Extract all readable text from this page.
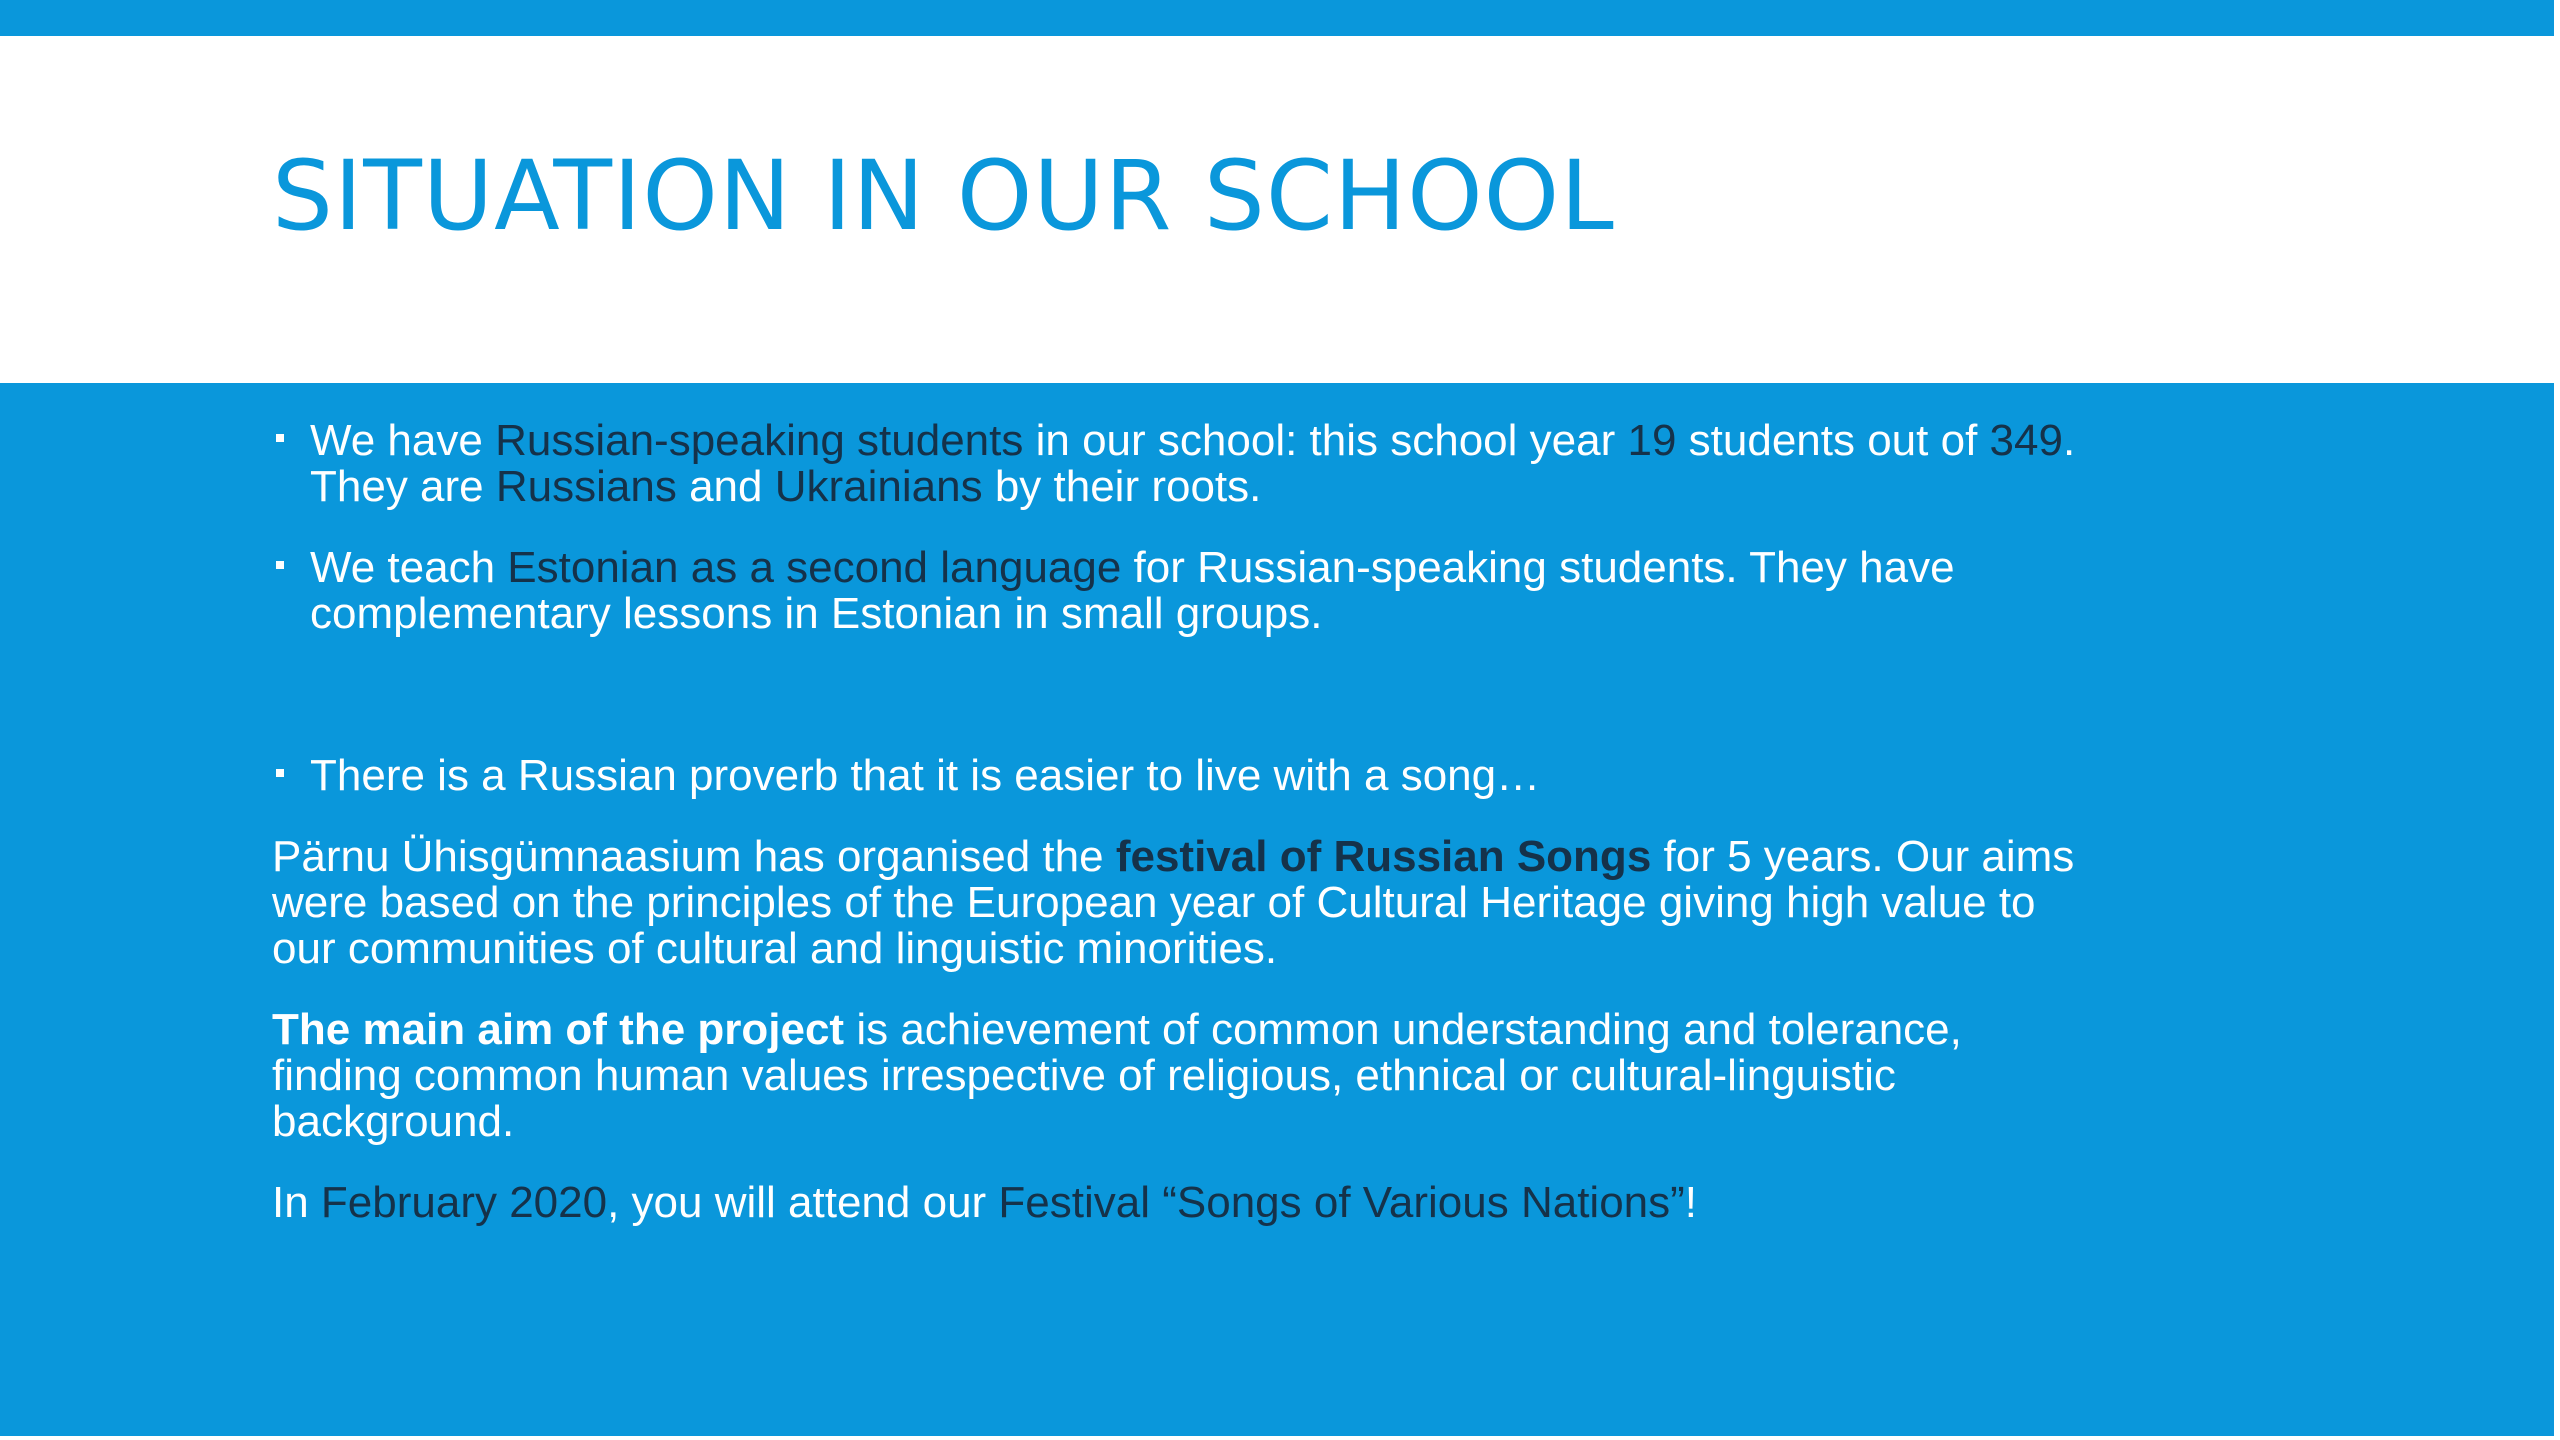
SITUATION IN OUR SCHOOL
We have Russian-speaking students in our school: this school year 19 students out of 349.
They are Russians and Ukrainians by their roots.
We teach Estonian as a second language for Russian-speaking students. They have
complementary lessons in Estonian in small groups.
There is a Russian proverb that it is easier to live with a song…

Pärnu Ühisgümnaasium has organised the festival of Russian Songs for 5 years. Our aims
were based on the principles of the European year of Cultural Heritage giving high value to
our communities of cultural and linguistic minorities.

The main aim of the project is achievement of common understanding and tolerance,
finding common human values irrespective of religious, ethnical or cultural-linguistic
background.

In February 2020, you will attend our Festival “Songs of Various Nations”!
